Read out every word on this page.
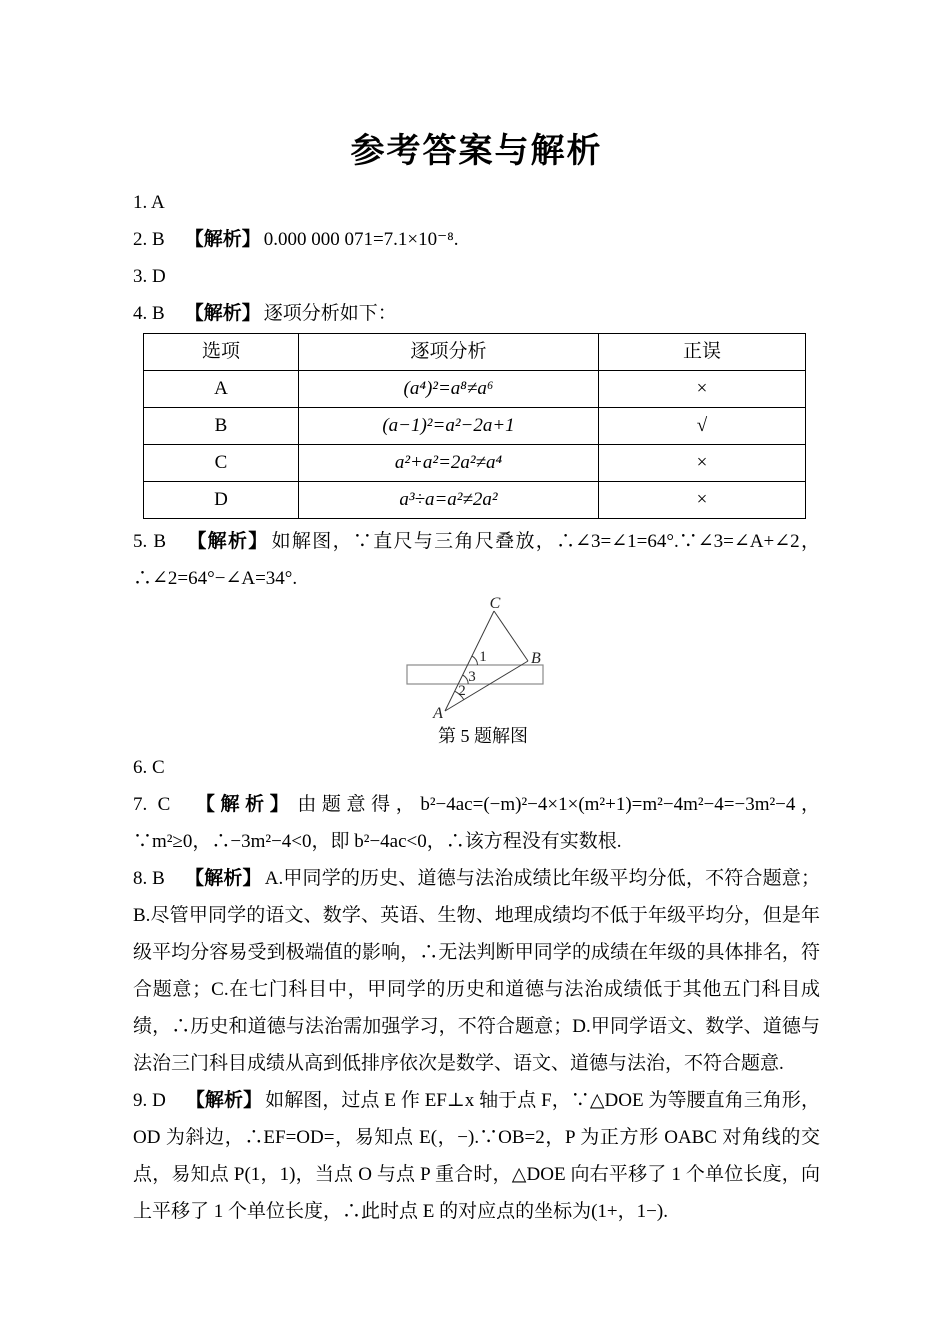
参考答案与解析

1. A

2. B 【解析】 0.000 000 071=7.1×10⁻⁸.

3. D

4. B 【解析】 逐项分析如下：

选项	逐项分析	正误
A	(a⁴)²=a⁸≠a⁶	×
B	(a−1)²=a²−2a+1	√
C	a²+a²=2a²≠a⁴	×
D	a³÷a=a²≠2a²	×

5. B 【解析】 如解图，∵直尺与三角尺叠放，∴∠3=∠1=64°.∵∠3=∠A+∠2，∴∠2=64°−∠A=34°.

C
B
A
1
3
2
第 5 题解图

6. C

7. C 【解析】 由题意得，b²−4ac=(−m)²−4×1×(m²+1)=m²−4m²−4=−3m²−4，∵m²≥0，∴−3m²−4<0，即 b²−4ac<0，∴该方程没有实数根.

8. B 【解析】 A.甲同学的历史、道德与法治成绩比年级平均分低，不符合题意；B.尽管甲同学的语文、数学、英语、生物、地理成绩均不低于年级平均分，但是年级平均分容易受到极端值的影响，∴无法判断甲同学的成绩在年级的具体排名，符合题意；C.在七门科目中，甲同学的历史和道德与法治成绩低于其他五门科目成绩，∴历史和道德与法治需加强学习，不符合题意；D.甲同学语文、数学、道德与法治三门科目成绩从高到低排序依次是数学、语文、道德与法治，不符合题意.

9. D 【解析】 如解图，过点 E 作 EF⊥x 轴于点 F，∵△DOE 为等腰直角三角形，OD 为斜边，∴EF=OD=，易知点 E(，−).∵OB=2，P 为正方形 OABC 对角线的交点，易知点 P(1，1)，当点 O 与点 P 重合时，△DOE 向右平移了 1 个单位长度，向上平移了 1 个单位长度，∴此时点 E 的对应点的坐标为(1+，1−).
